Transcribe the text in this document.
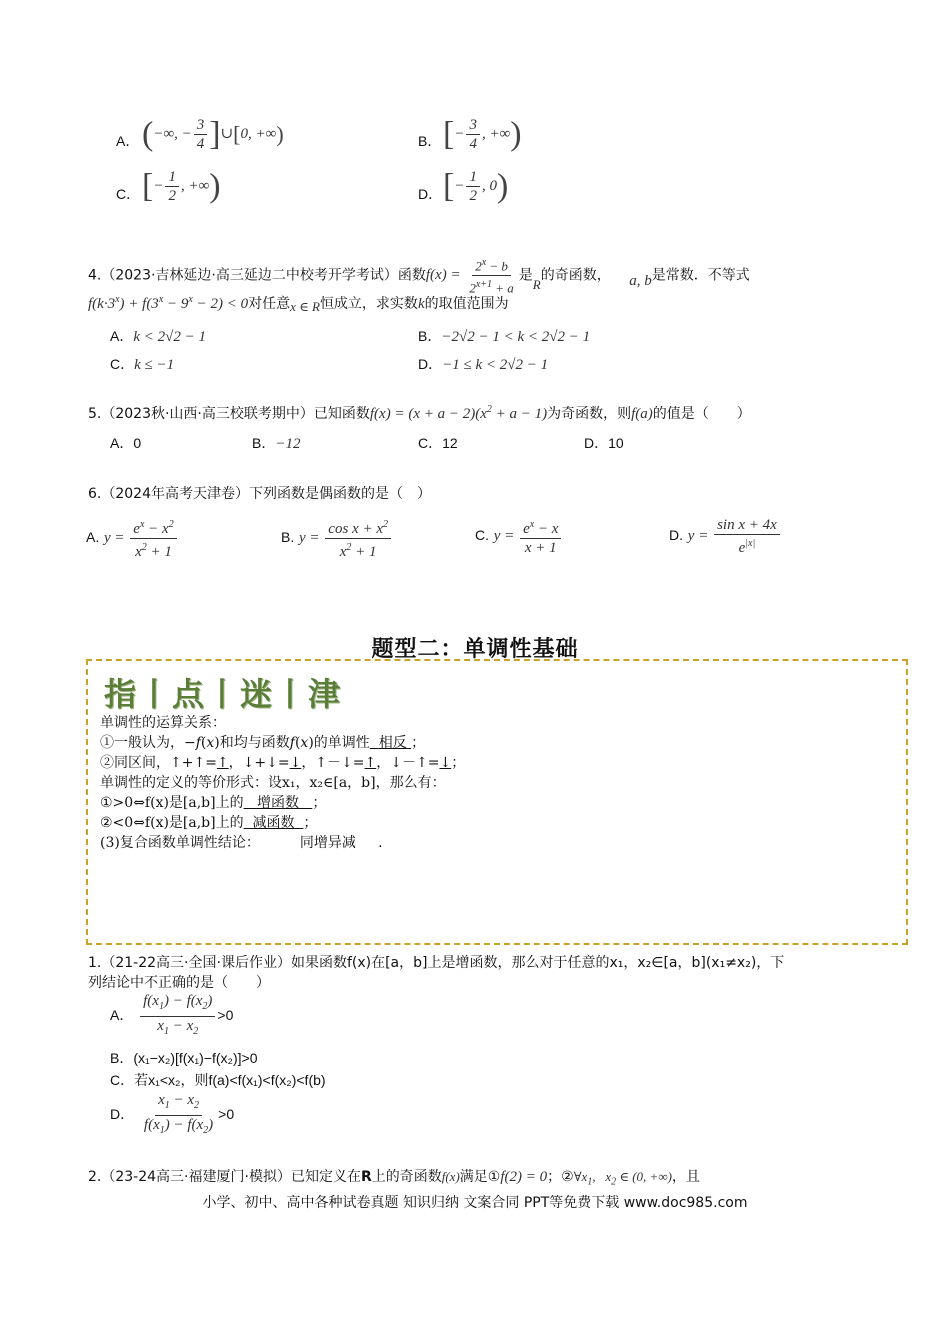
A． (−∞, − $\frac{3}{4}$ ]∪[0, +∞)	B． [− $\frac{3}{4}$ , +∞)
C． [− $\frac{1}{2}$ , +∞)	D． [− $\frac{1}{2}$ , 0)
4.（2023·吉林延边·高三延边二中校考开学考试）函数$f(x) = \frac{2^x - b}{2^{x+1} + a}$ 是R的奇函数， a, b是常数．不等式
$f(k\cdot 3^x) + f(3^x - 9^x - 2) < 0$对任意x ∈ R恒成立，求实数k的取值范围为
A．k < 2√2 − 1	B．−2√2 − 1 < k < 2√2 − 1
C．k ≤ −1	D．−1 ≤ k < 2√2 − 1
5.（2023秋·山西·高三校联考期中）已知函数$f(x) = (x + a - 2)(x^2 + a - 1)$为奇函数，则f(a)的值是（　　）
A．0	B．−12	C．12	D．10
6.（2024年高考天津卷）下列函数是偶函数的是（　）
A. $y = \frac{e^x - x^2}{x^2 + 1}$	B. $y = \frac{\cos x + x^2}{x^2 + 1}$	C. $y = \frac{e^x - x}{x + 1}$	D. $y = \frac{\text{sin x + 4x}}{e^{|x|}}$
题型二：单调性基础
指丨点丨迷丨津
单调性的运算关系：
①一般认为，−f(x)和均与函数f(x)的单调性 相反 ；
②同区间，↑+↑=↑，↓+↓=↓，↑－↓=↑，↓－↑=↓；
单调性的定义的等价形式：设x₁，x₂∈[a，b]，那么有：
①>0⇔f(x)是[a,b]上的 增函数 ；
②<0⇔f(x)是[a,b]上的 减函数 ；
(3)复合函数单调性结论：	同增异减 .
1.（21-22高三·全国·课后作业）如果函数f(x)在[a，b]上是增函数，那么对于任意的x₁，x₂∈[a，b](x₁≠x₂)，下
列结论中不正确的是（　　）
A． $\frac{f(x_1) - f(x_2)}{x_1 - x_2} >0$
B．(x₁−x₂)[f(x₁)−f(x₂)]>0
C．若x₁<x₂，则f(a)<f(x₁)<f(x₂)<f(b)
D． $\frac{x_1 - x_2}{f(x_1) - f(x_2)} >0$
2.（23-24高三·福建厦门·模拟）已知定义在R上的奇函数f(x)满足①f(2) = 0；$②\forall x_1$,   $x_2$ ∈ (0, +∞)，且
小学、初中、高中各种试卷真题 知识归纳 文案合同 PPT等免费下载 www.doc985.com
